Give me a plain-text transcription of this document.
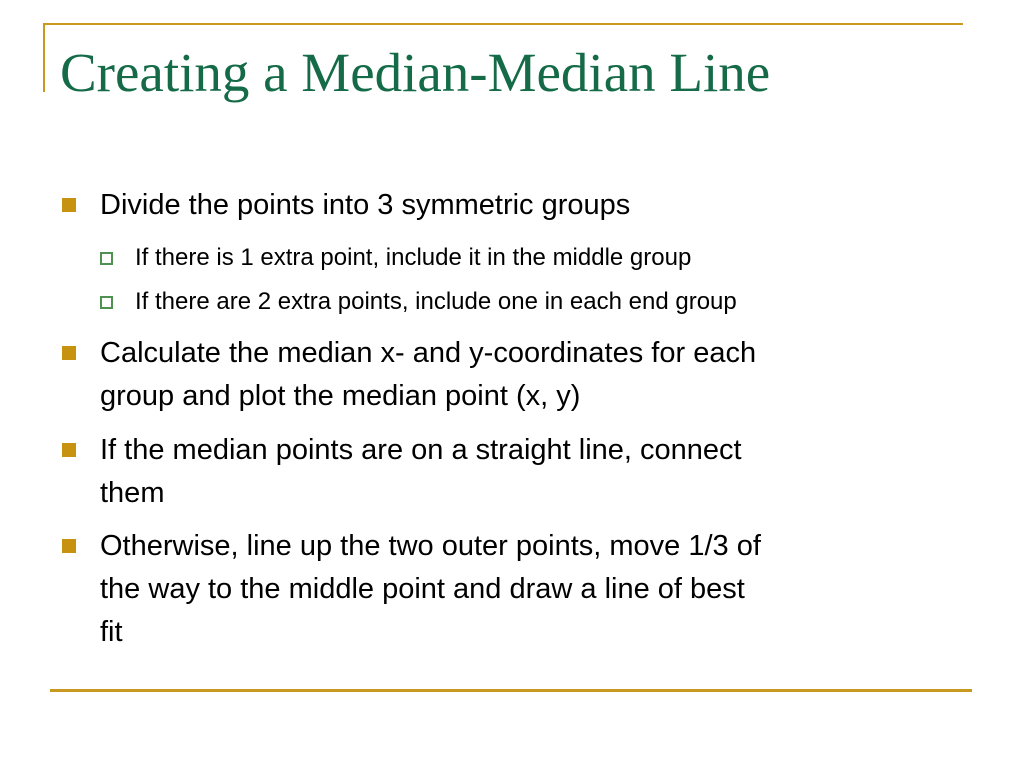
Creating a Median-Median Line
Divide the points into 3 symmetric groups
If there is 1 extra point, include it in the middle group
If there are 2 extra points, include one in each end group
Calculate the median x- and y-coordinates for each
group and plot the median point (x, y)
If the median points are on a straight line, connect
them
Otherwise, line up the two outer points, move 1/3 of
the way to the middle point and draw a line of best
fit
